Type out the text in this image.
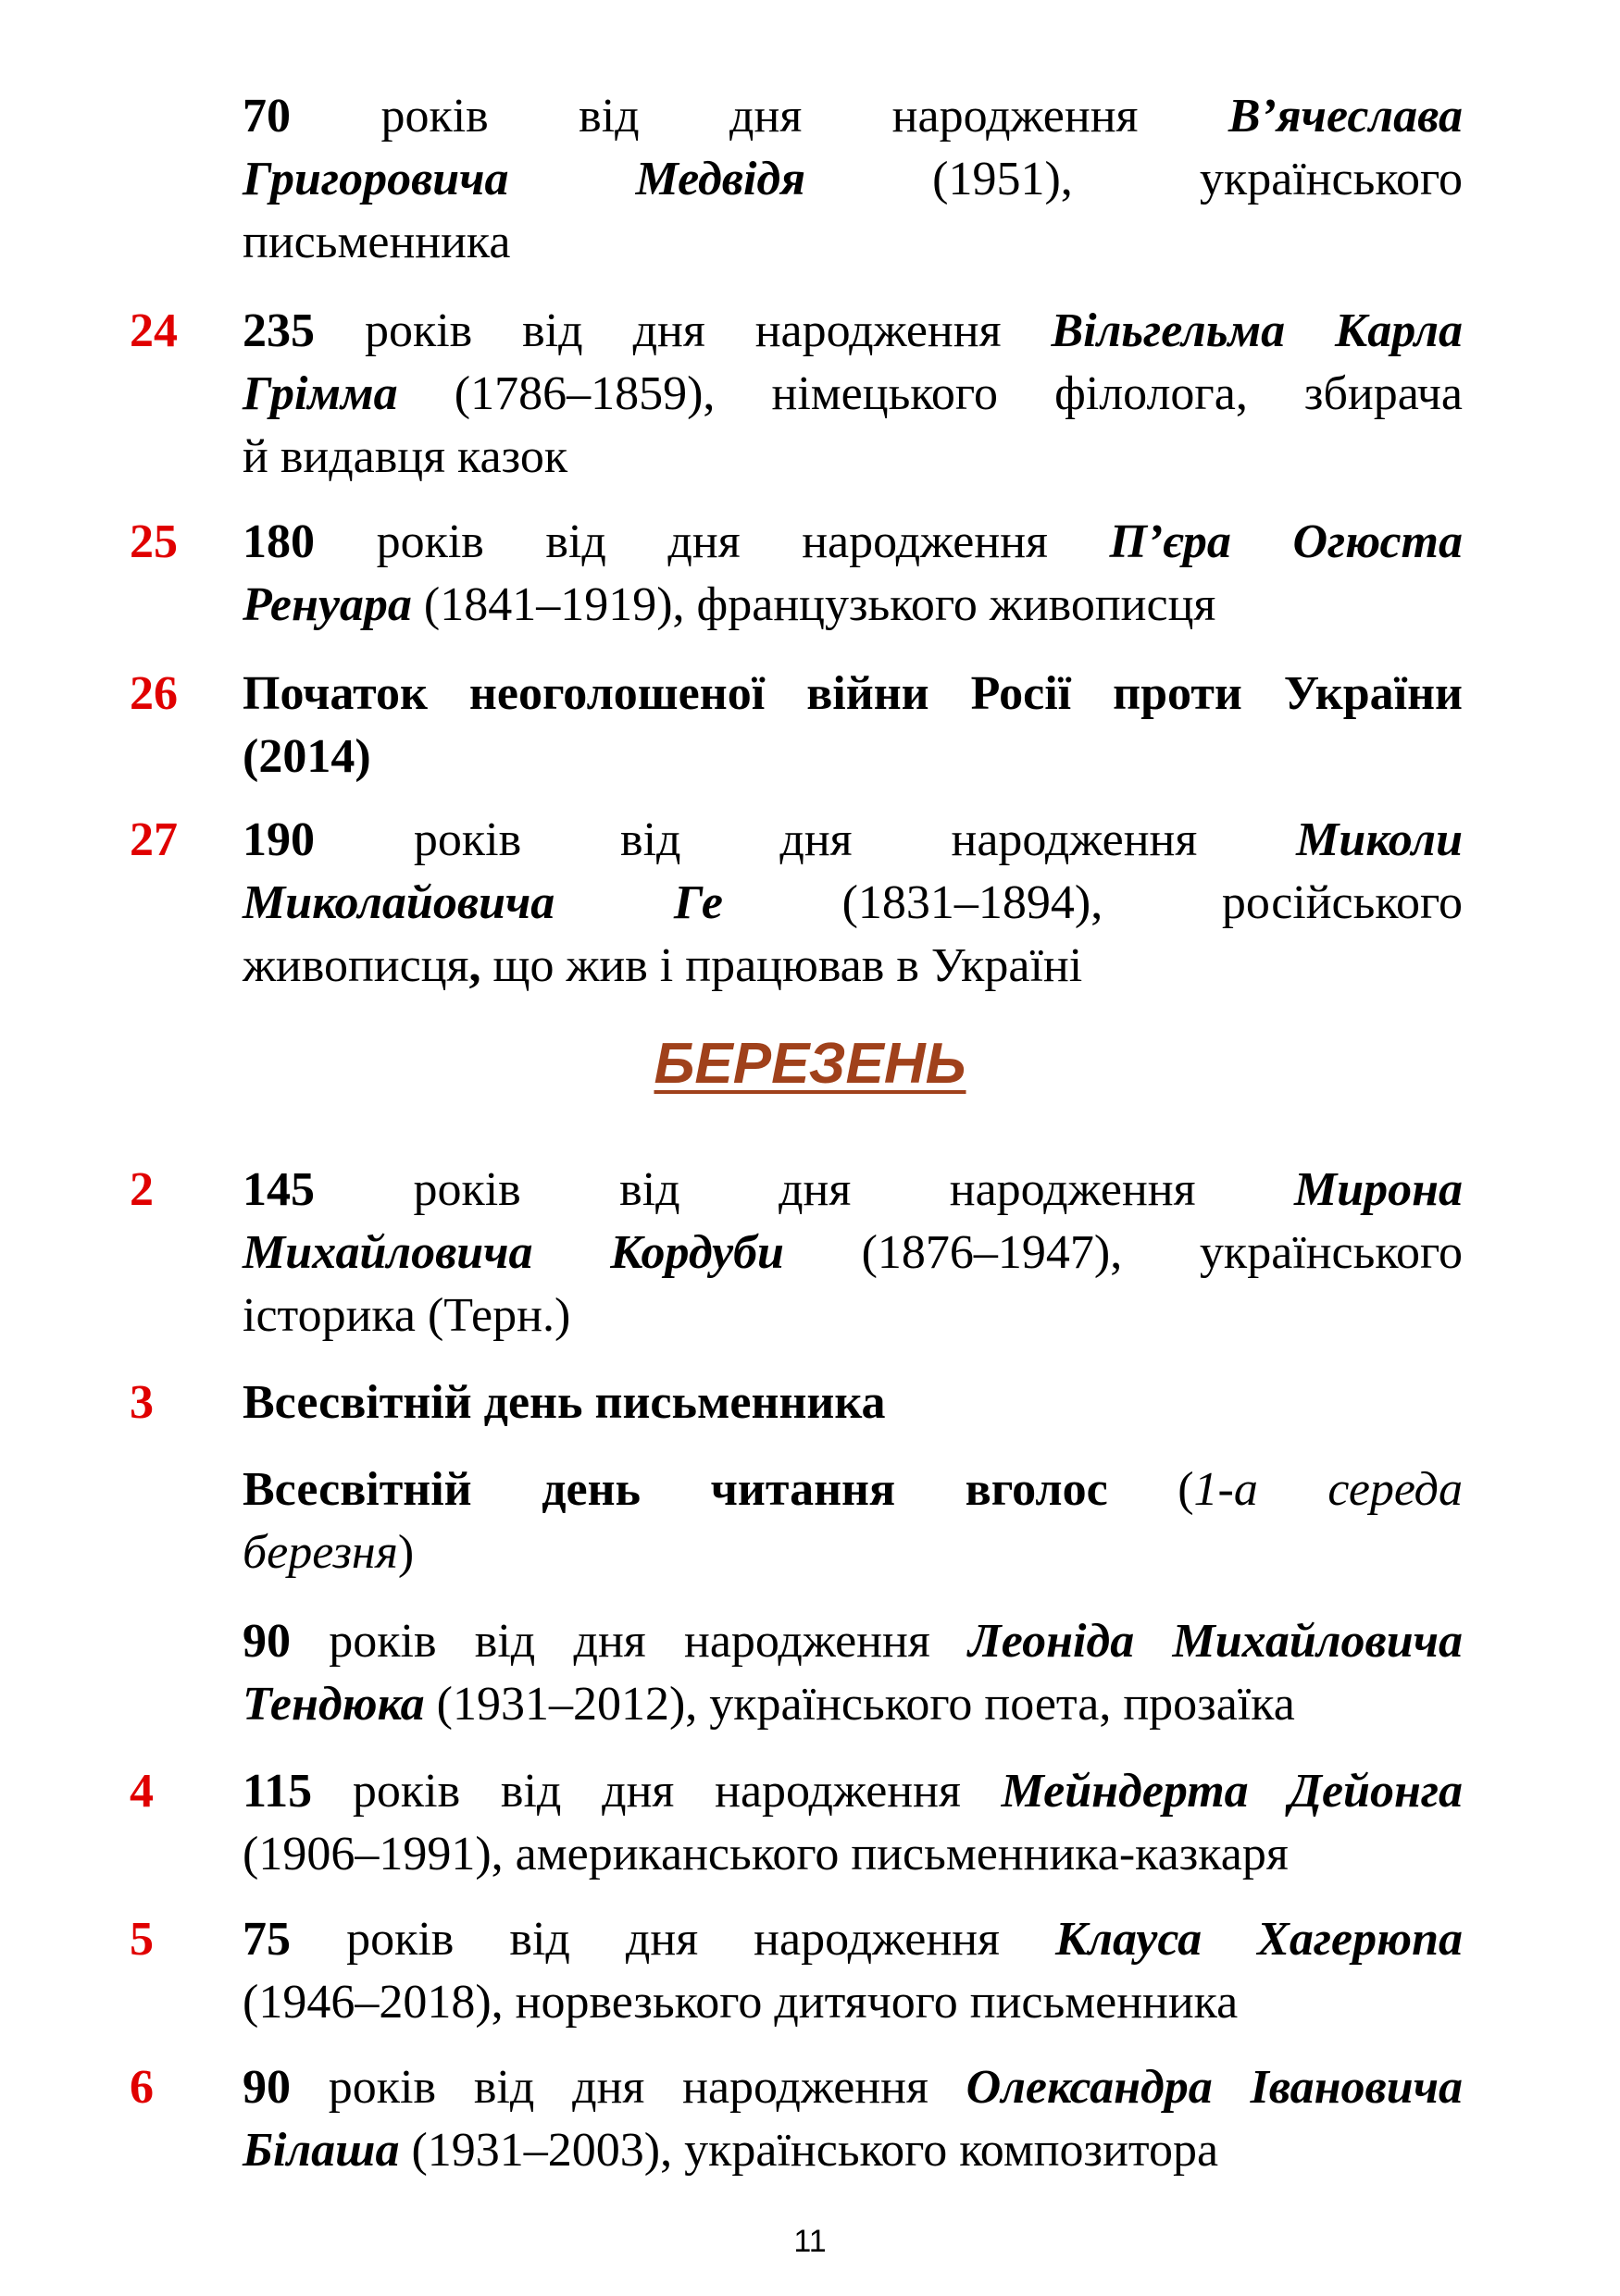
70 років від дня народження В’ячеслава
Григоровича Медвідя (1951), українського
письменника
24 235 років від дня народження Вільгельма Карла
Грімма (1786–1859), німецького філолога, збирача
й видавця казок
25 180 років від дня народження П’єра Огюста
Ренуара (1841–1919), французького живописця
26 Початок неоголошеної війни Росії проти України
(2014)
27 190 років від дня народження Миколи
Миколайовича Ге (1831–1894), російського
живописця, що жив і працював в Україні
2 145 років від дня народження Мирона
Михайловича Кордуби (1876–1947), українського
історика (Терн.)
3 Всесвітній день письменника
Всесвітній день читання вголос (1-а середа
березня)
90 років від дня народження Леоніда Михайловича
Тендюка (1931–2012), українського поета, прозаїка
4 115 років від дня народження Мейндерта Дейонга
(1906–1991), американського письменника-казкаря
5 75 років від дня народження Клауса Хагерюпа
(1946–2018), норвезького дитячого письменника
6 90 років від дня народження Олександра Івановича
Білаша (1931–2003), українського композитора
БЕРЕЗЕНЬ
11
